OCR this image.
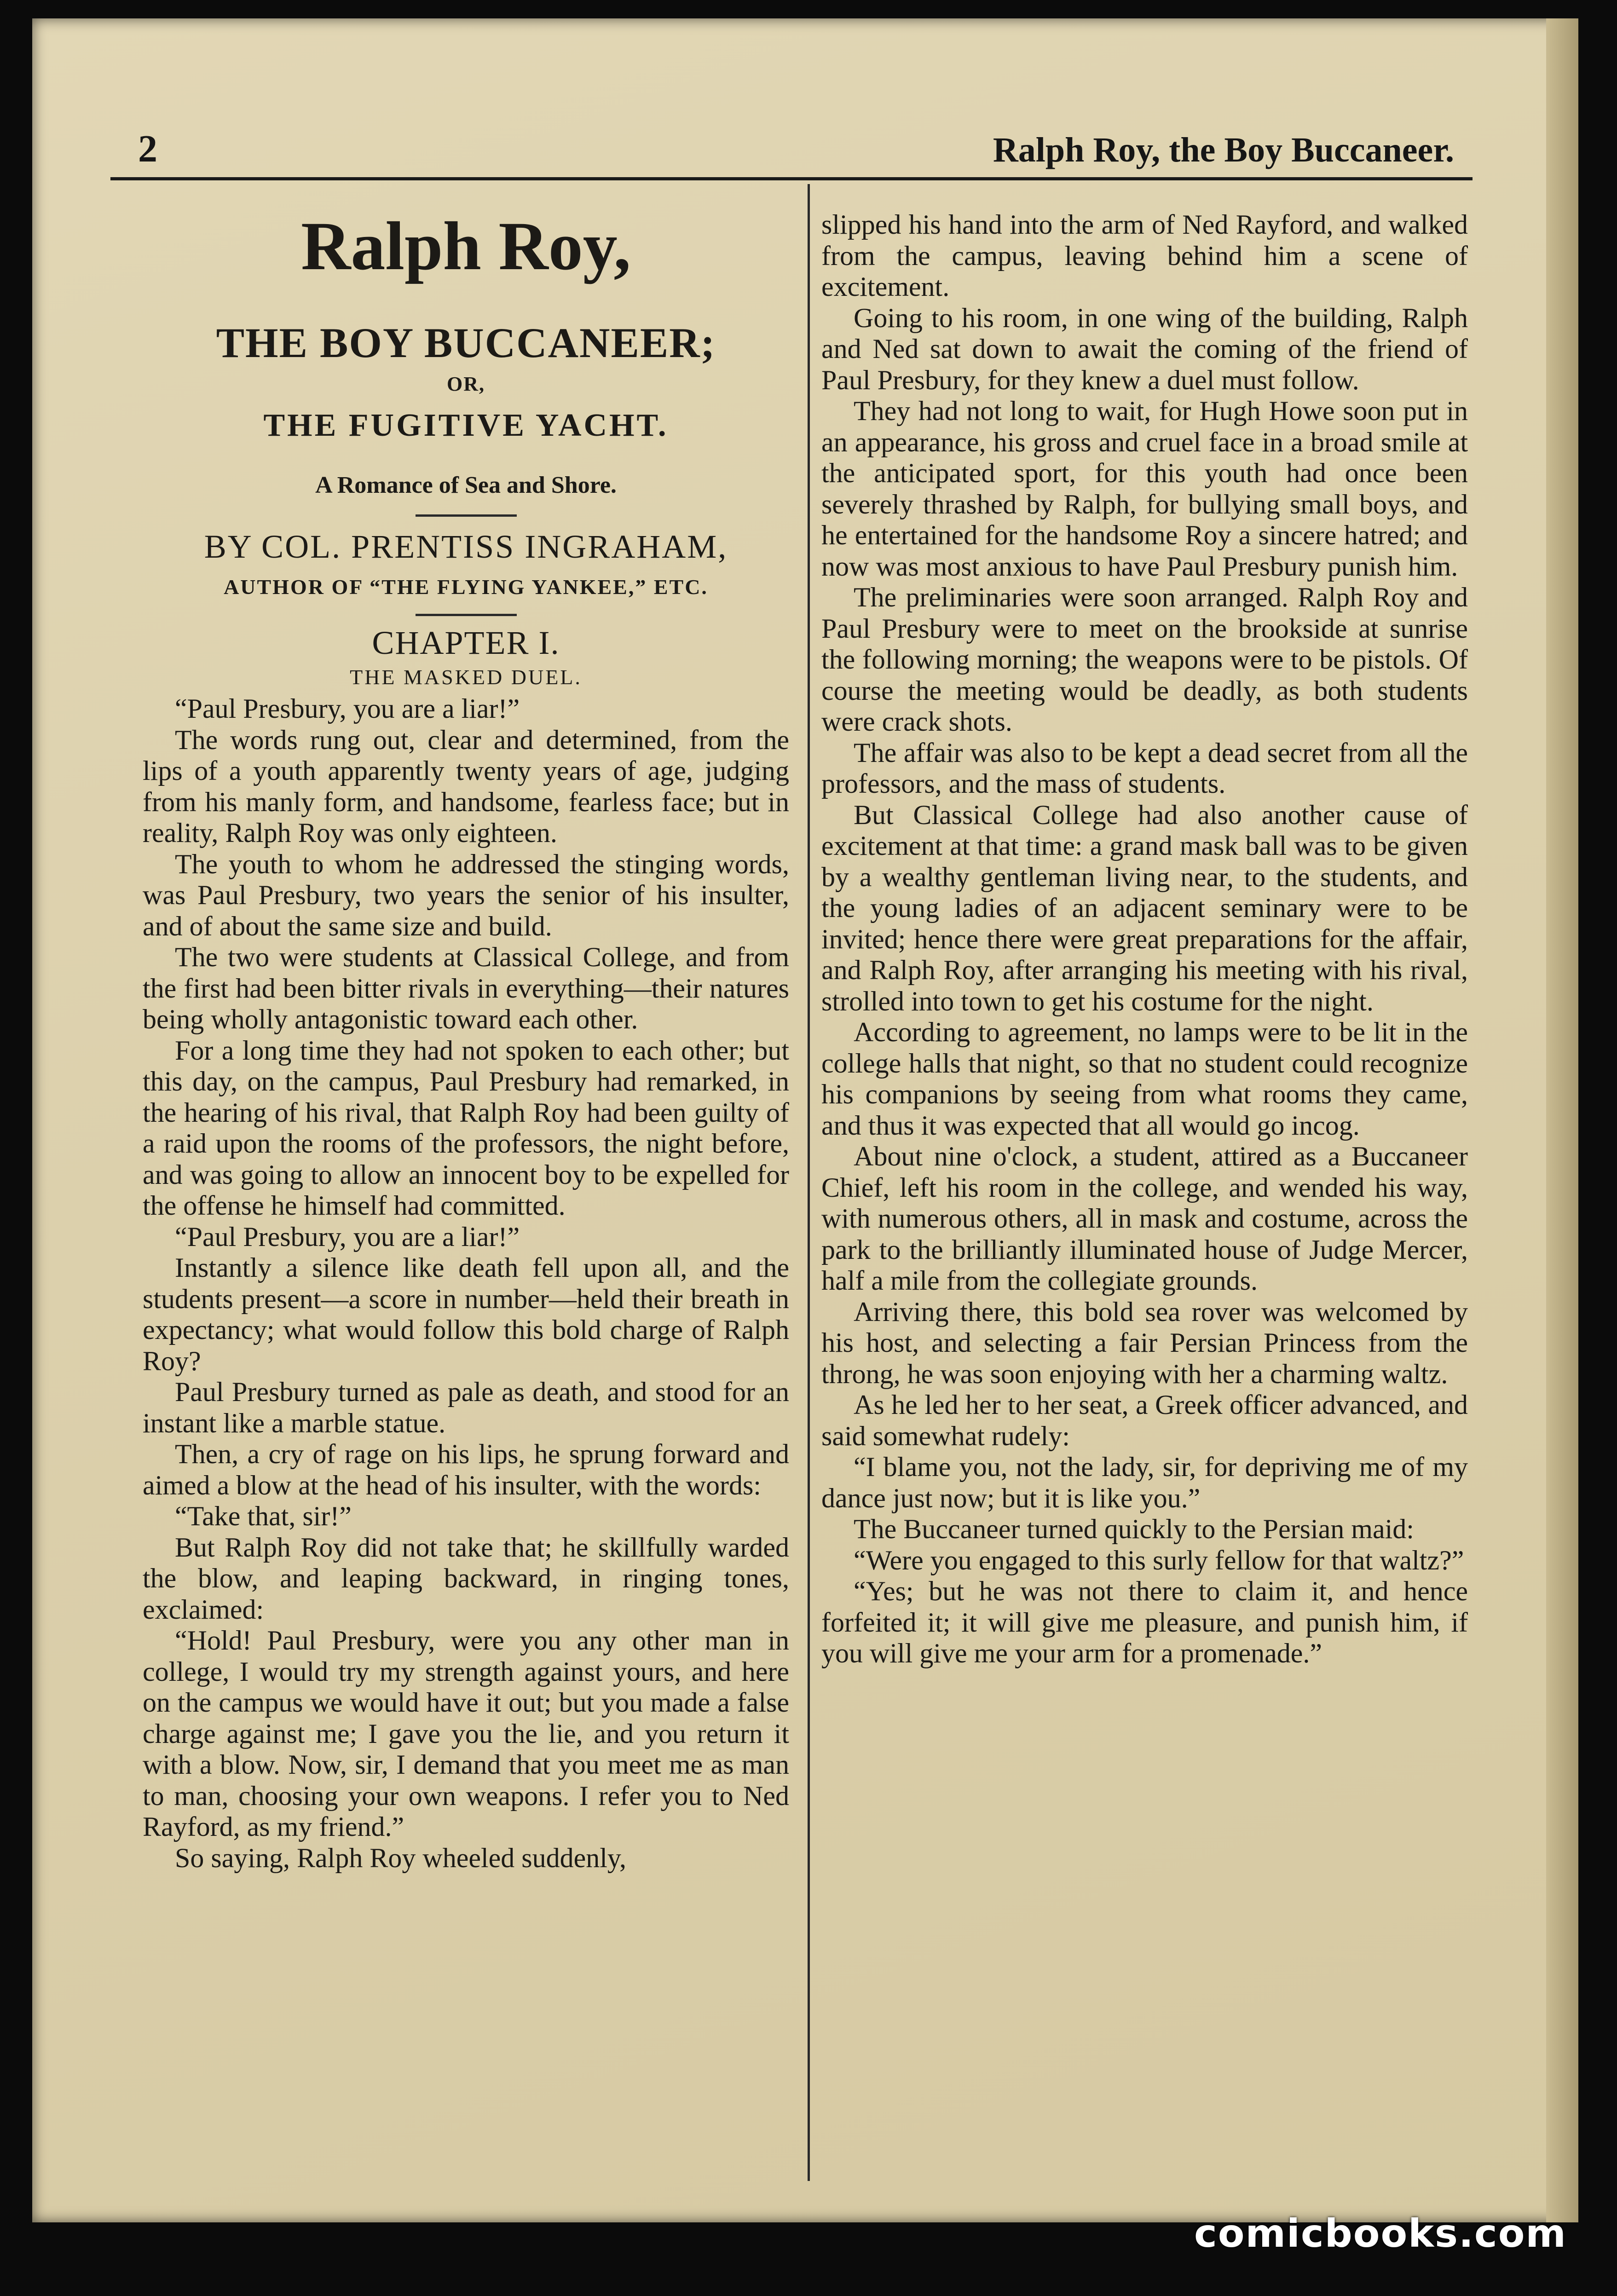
2	Ralph Roy, the Boy Buccaneer.
Ralph Roy,
THE BOY BUCCANEER;
OR,
THE FUGITIVE YACHT.
A Romance of Sea and Shore.
BY COL. PRENTISS INGRAHAM,
AUTHOR OF “THE FLYING YANKEE,” ETC.
CHAPTER I.
THE MASKED DUEL.

“Paul Presbury, you are a liar!”

The words rung out, clear and determined, from the lips of a youth apparently twenty years of age, judging from his manly form, and handsome, fearless face; but in reality, Ralph Roy was only eighteen.

The youth to whom he addressed the stinging words, was Paul Presbury, two years the senior of his insulter, and of about the same size and build.

The two were students at Classical College, and from the first had been bitter rivals in everything—their natures being wholly antagonistic toward each other.

For a long time they had not spoken to each other; but this day, on the campus, Paul Presbury had remarked, in the hearing of his rival, that Ralph Roy had been guilty of a raid upon the rooms of the professors, the night before, and was going to allow an innocent boy to be expelled for the offense he himself had committed.

“Paul Presbury, you are a liar!”

Instantly a silence like death fell upon all, and the students present—a score in number—held their breath in expectancy; what would follow this bold charge of Ralph Roy?

Paul Presbury turned as pale as death, and stood for an instant like a marble statue.

Then, a cry of rage on his lips, he sprung forward and aimed a blow at the head of his insulter, with the words:

“Take that, sir!”

But Ralph Roy did not take that; he skillfully warded the blow, and leaping backward, in ringing tones, exclaimed:

“Hold! Paul Presbury, were you any other man in college, I would try my strength against yours, and here on the campus we would have it out; but you made a false charge against me; I gave you the lie, and you return it with a blow. Now, sir, I demand that you meet me as man to man, choosing your own weapons. I refer you to Ned Rayford, as my friend.”

So saying, Ralph Roy wheeled suddenly,

slipped his hand into the arm of Ned Rayford, and walked from the campus, leaving behind him a scene of excitement.

Going to his room, in one wing of the building, Ralph and Ned sat down to await the coming of the friend of Paul Presbury, for they knew a duel must follow.

They had not long to wait, for Hugh Howe soon put in an appearance, his gross and cruel face in a broad smile at the anticipated sport, for this youth had once been severely thrashed by Ralph, for bullying small boys, and he entertained for the handsome Roy a sincere hatred; and now was most anxious to have Paul Presbury punish him.

The preliminaries were soon arranged. Ralph Roy and Paul Presbury were to meet on the brookside at sunrise the following morning; the weapons were to be pistols. Of course the meeting would be deadly, as both students were crack shots.

The affair was also to be kept a dead secret from all the professors, and the mass of students.

But Classical College had also another cause of excitement at that time: a grand mask ball was to be given by a wealthy gentleman living near, to the students, and the young ladies of an adjacent seminary were to be invited; hence there were great preparations for the affair, and Ralph Roy, after arranging his meeting with his rival, strolled into town to get his costume for the night.

According to agreement, no lamps were to be lit in the college halls that night, so that no student could recognize his companions by seeing from what rooms they came, and thus it was expected that all would go incog.

About nine o'clock, a student, attired as a Buccaneer Chief, left his room in the college, and wended his way, with numerous others, all in mask and costume, across the park to the brilliantly illuminated house of Judge Mercer, half a mile from the collegiate grounds.

Arriving there, this bold sea rover was welcomed by his host, and selecting a fair Persian Princess from the throng, he was soon enjoying with her a charming waltz.

As he led her to her seat, a Greek officer advanced, and said somewhat rudely:

“I blame you, not the lady, sir, for depriving me of my dance just now; but it is like you.”

The Buccaneer turned quickly to the Persian maid:

“Were you engaged to this surly fellow for that waltz?”

“Yes; but he was not there to claim it, and hence forfeited it; it will give me pleasure, and punish him, if you will give me your arm for a promenade.”

comicbooks.com
